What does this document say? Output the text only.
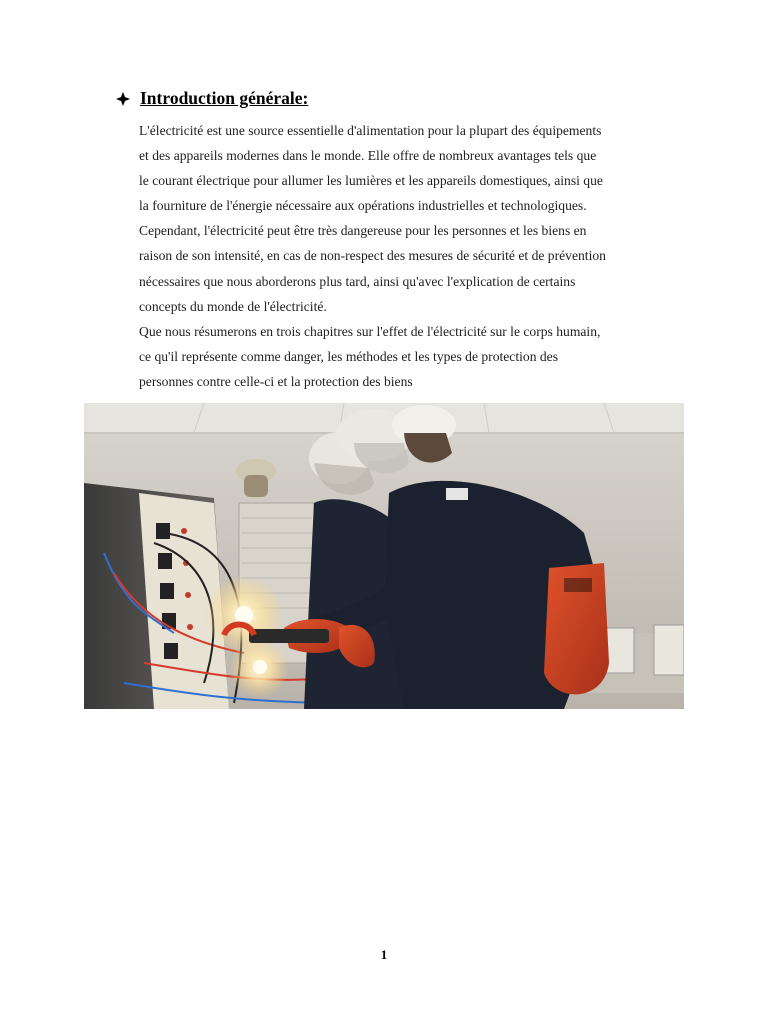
Introduction générale:

L'électricité est une source essentielle d'alimentation pour la plupart des équipements

et des appareils modernes dans le monde. Elle offre de nombreux avantages tels que

le courant électrique pour allumer les lumières et les appareils domestiques, ainsi que

la fourniture de l'énergie nécessaire aux opérations industrielles et technologiques.

Cependant, l'électricité peut être très dangereuse pour les personnes et les biens en

raison de son intensité, en cas de non-respect des mesures de sécurité et de prévention

nécessaires que nous aborderons plus tard, ainsi qu'avec l'explication de certains

concepts du monde de l'électricité.

Que nous résumerons en trois chapitres sur l'effet de l'électricité sur le corps humain,

ce qu'il représente comme danger, les méthodes et les types de protection des

personnes contre celle-ci et la protection des biens

1
